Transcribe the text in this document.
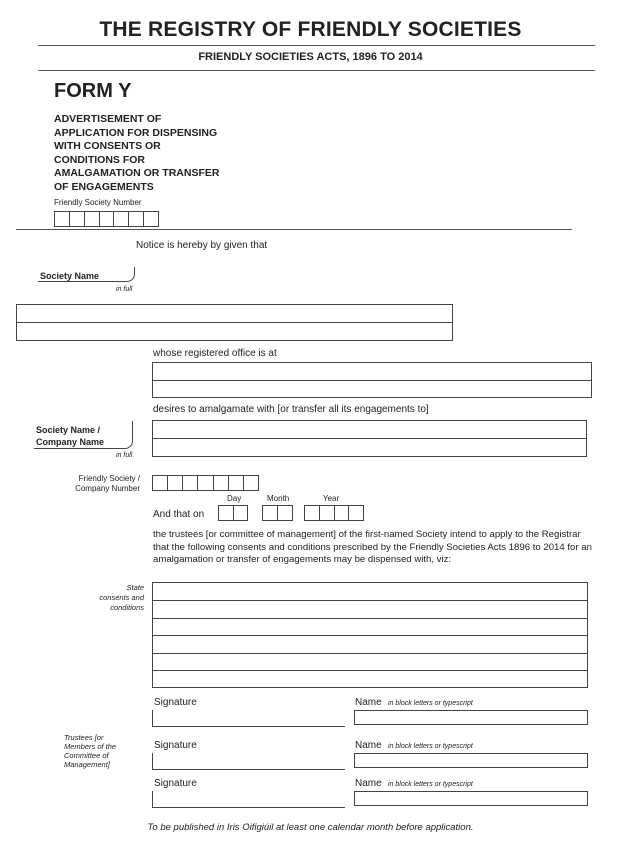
THE REGISTRY OF FRIENDLY SOCIETIES
FRIENDLY SOCIETIES ACTS, 1896 TO 2014
FORM Y
ADVERTISEMENT OF
APPLICATION FOR DISPENSING
WITH CONSENTS OR
CONDITIONS FOR
AMALGAMATION OR TRANSFER
OF ENGAGEMENTS
Friendly Society Number
Notice is hereby by given that
Society Name
in full
whose registered office is at
desires to amalgamate with [or transfer all its engagements to]
Society Name /
Company Name
in full
Friendly Society /
Company Number
Day	Month	Year
And that on
the trustees [or committee of management] of the first-named Society intend to apply to the Registrar that the following consents and conditions prescribed by the Friendly Societies Acts 1896 to 2014 for an amalgamation or transfer of engagements may be dispensed with, viz:
State
consents and
conditions
Signature	Name in block letters or typescript
Trustees [or
Members of the
Committee of
Management]
Signature	Name in block letters or typescript
Signature	Name in block letters or typescript
To be published in Iris Oifigiúil at least one calendar month before application.
